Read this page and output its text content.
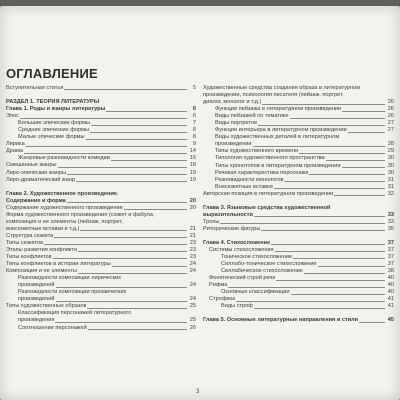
ОГЛАВЛЕНИЕ
Вступительная статья	5
РАЗДЕЛ 1. ТЕОРИЯ ЛИТЕРАТУРЫ
Глава 1. Роды и жанры литературы	6
Эпос	6
Большие эпические формы	7
Средние эпические формы	8
Малые эпические формы	8
Лирика	9
Драма	14
Жанровые разновидности комедии	16
Смешанные жанры	18
Лиро-эпические жанры	19
Лиро-драматический жанр	19
Глава 2. Художественное произведение.
Содержание и форма	20
Содержание художественного произведения	20
Форма художественного произведения (сюжет и фабула,
композиция и ее элементы (пейзаж, портрет,
внесюжетные вставки и т.д.)	21
Структура сюжета	21
Типы сюжетов	23
Этапы развития конфликта	23
Типы конфликтов	23
Типы конфликтов в истории литературы	24
Композиция и ее элементы	24
Разновидности композиции лирических
произведений	24
Разновидности композиции прозаических
произведений	24
Типы художественных образов	25
Классификация персонажей литературного
произведения	25
Соотношение персонажей	26
Художественные средства создания образа в литературном
произведении, психология писателя (пейзаж, портрет,
диалог, монолог и т.д.)	26
Функции пейзажа в литературном произведении	26
Виды пейзажей по тематике	26
Виды портретов	27
Функции интерьера в литературном произведении	27
Виды художественных деталей в литературном
произведении	28
Типы художественного времени	29
Типология художественного пространства	30
Типы хронотопов в литературном произведении	30
Речевая характеристика персонажа	30
Разновидности монологов	31
Внесюжетные вставки	31
Авторская позиция в литературном произведении	32
Глава 3. Языковые средства художественной
выразительности	33
Тропы	33
Риторические фигуры	35
Глава 4. Стихосложение	37
Системы стихосложения	37
Тоническое стихосложение	37
Силлабо-тоническое стихосложение	37
Силлабическое стихосложение	38
Фонетический строй речи	40
Рифма	40
Основные классификации	40
Строфика	41
Виды строф	41
Глава 5. Основные литературные направления и стили	45
3
